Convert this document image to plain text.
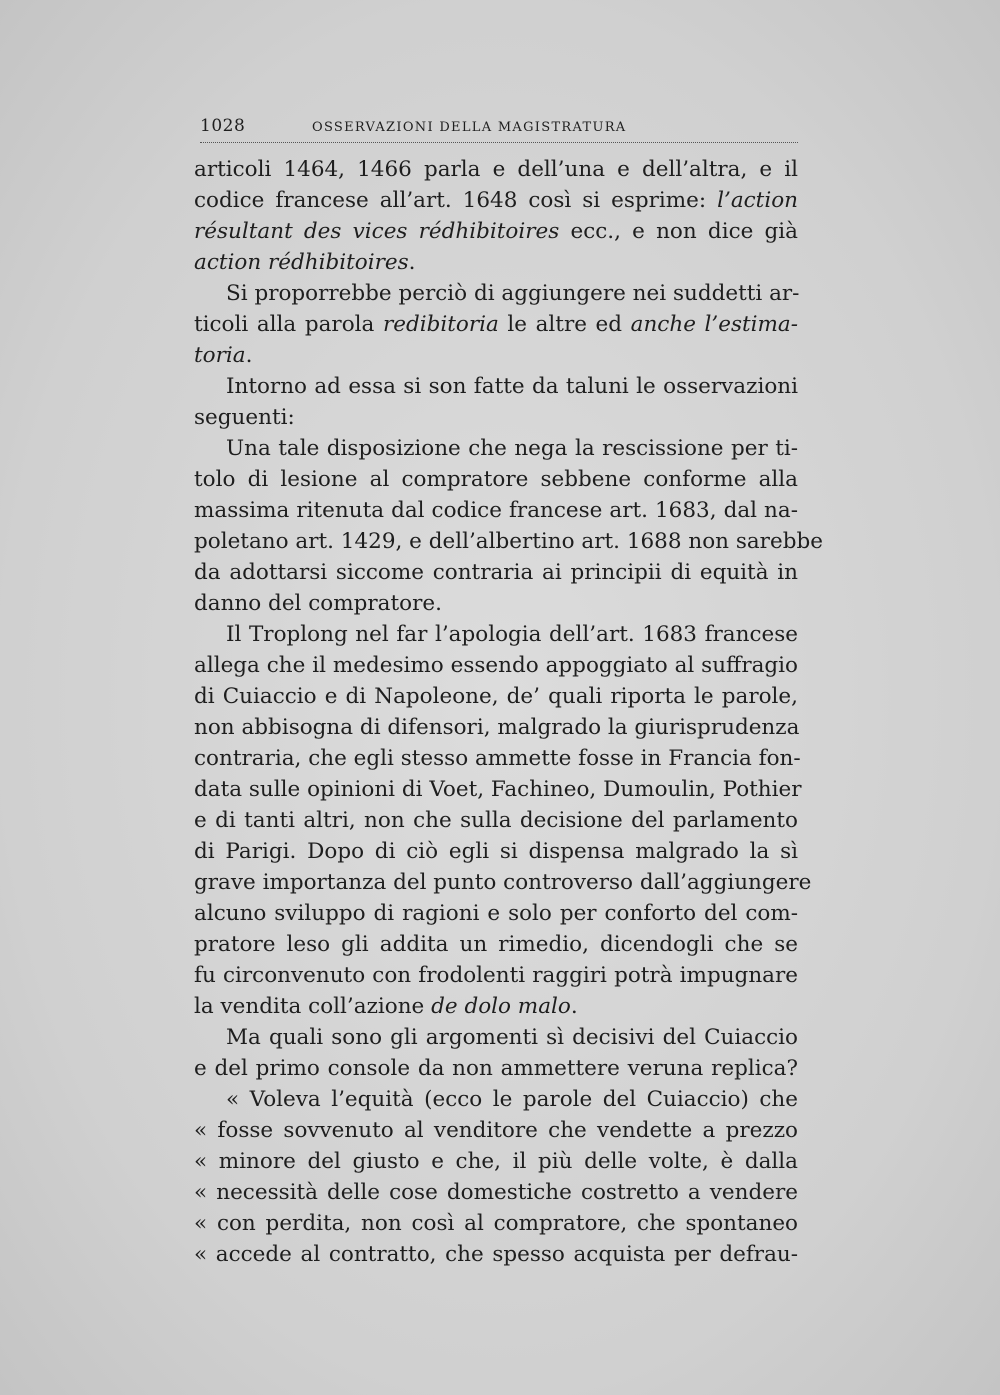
1028	OSSERVAZIONI DELLA MAGISTRATURA
articoli 1464, 1466 parla e dell’una e dell’altra, e il
codice francese all’art. 1648 così si esprime: l’action
résultant des vices rédhibitoires ecc., e non dice già
action rédhibitoires.
Si proporrebbe perciò di aggiungere nei suddetti ar-
ticoli alla parola redibitoria le altre ed anche l’estima-
toria.
Intorno ad essa si son fatte da taluni le osservazioni
seguenti:
Una tale disposizione che nega la rescissione per ti-
tolo di lesione al compratore sebbene conforme alla
massima ritenuta dal codice francese art. 1683, dal na-
poletano art. 1429, e dell’albertino art. 1688 non sarebbe
da adottarsi siccome contraria ai principii di equità in
danno del compratore.
Il Troplong nel far l’apologia dell’art. 1683 francese
allega che il medesimo essendo appoggiato al suffragio
di Cuiaccio e di Napoleone, de’ quali riporta le parole,
non abbisogna di difensori, malgrado la giurisprudenza
contraria, che egli stesso ammette fosse in Francia fon-
data sulle opinioni di Voet, Fachineo, Dumoulin, Pothier
e di tanti altri, non che sulla decisione del parlamento
di Parigi. Dopo di ciò egli si dispensa malgrado la sì
grave importanza del punto controverso dall’aggiungere
alcuno sviluppo di ragioni e solo per conforto del com-
pratore leso gli addita un rimedio, dicendogli che se
fu circonvenuto con frodolenti raggiri potrà impugnare
la vendita coll’azione de dolo malo.
Ma quali sono gli argomenti sì decisivi del Cuiaccio
e del primo console da non ammettere veruna replica?
« Voleva l’equità (ecco le parole del Cuiaccio) che
« fosse sovvenuto al venditore che vendette a prezzo
« minore del giusto e che, il più delle volte, è dalla
« necessità delle cose domestiche costretto a vendere
« con perdita, non così al compratore, che spontaneo
« accede al contratto, che spesso acquista per defrau-
